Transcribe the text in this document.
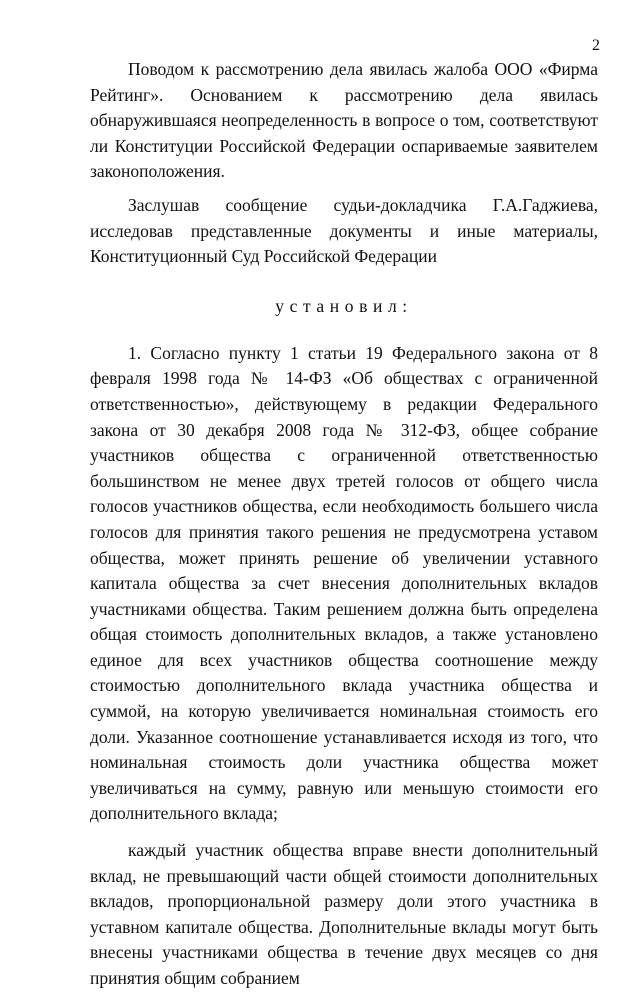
2

Поводом к рассмотрению дела явилась жалоба ООО «Фирма Рейтинг». Основанием к рассмотрению дела явилась обнаружившаяся неопределенность в вопросе о том, соответствуют ли Конституции Российской Федерации оспариваемые заявителем законоположения.

Заслушав сообщение судьи-докладчика Г.А.Гаджиева, исследовав представленные документы и иные материалы, Конституционный Суд Российской Федерации

установил:

1. Согласно пункту 1 статьи 19 Федерального закона от 8 февраля 1998 года № 14-ФЗ «Об обществах с ограниченной ответственностью», действующему в редакции Федерального закона от 30 декабря 2008 года № 312-ФЗ, общее собрание участников общества с ограниченной ответственностью большинством не менее двух третей голосов от общего числа голосов участников общества, если необходимость большего числа голосов для принятия такого решения не предусмотрена уставом общества, может принять решение об увеличении уставного капитала общества за счет внесения дополнительных вкладов участниками общества. Таким решением должна быть определена общая стоимость дополнительных вкладов, а также установлено единое для всех участников общества соотношение между стоимостью дополнительного вклада участника общества и суммой, на которую увеличивается номинальная стоимость его доли. Указанное соотношение устанавливается исходя из того, что номинальная стоимость доли участника общества может увеличиваться на сумму, равную или меньшую стоимости его дополнительного вклада;

каждый участник общества вправе внести дополнительный вклад, не превышающий части общей стоимости дополнительных вкладов, пропорциональной размеру доли этого участника в уставном капитале общества. Дополнительные вклады могут быть внесены участниками общества в течение двух месяцев со дня принятия общим собранием
